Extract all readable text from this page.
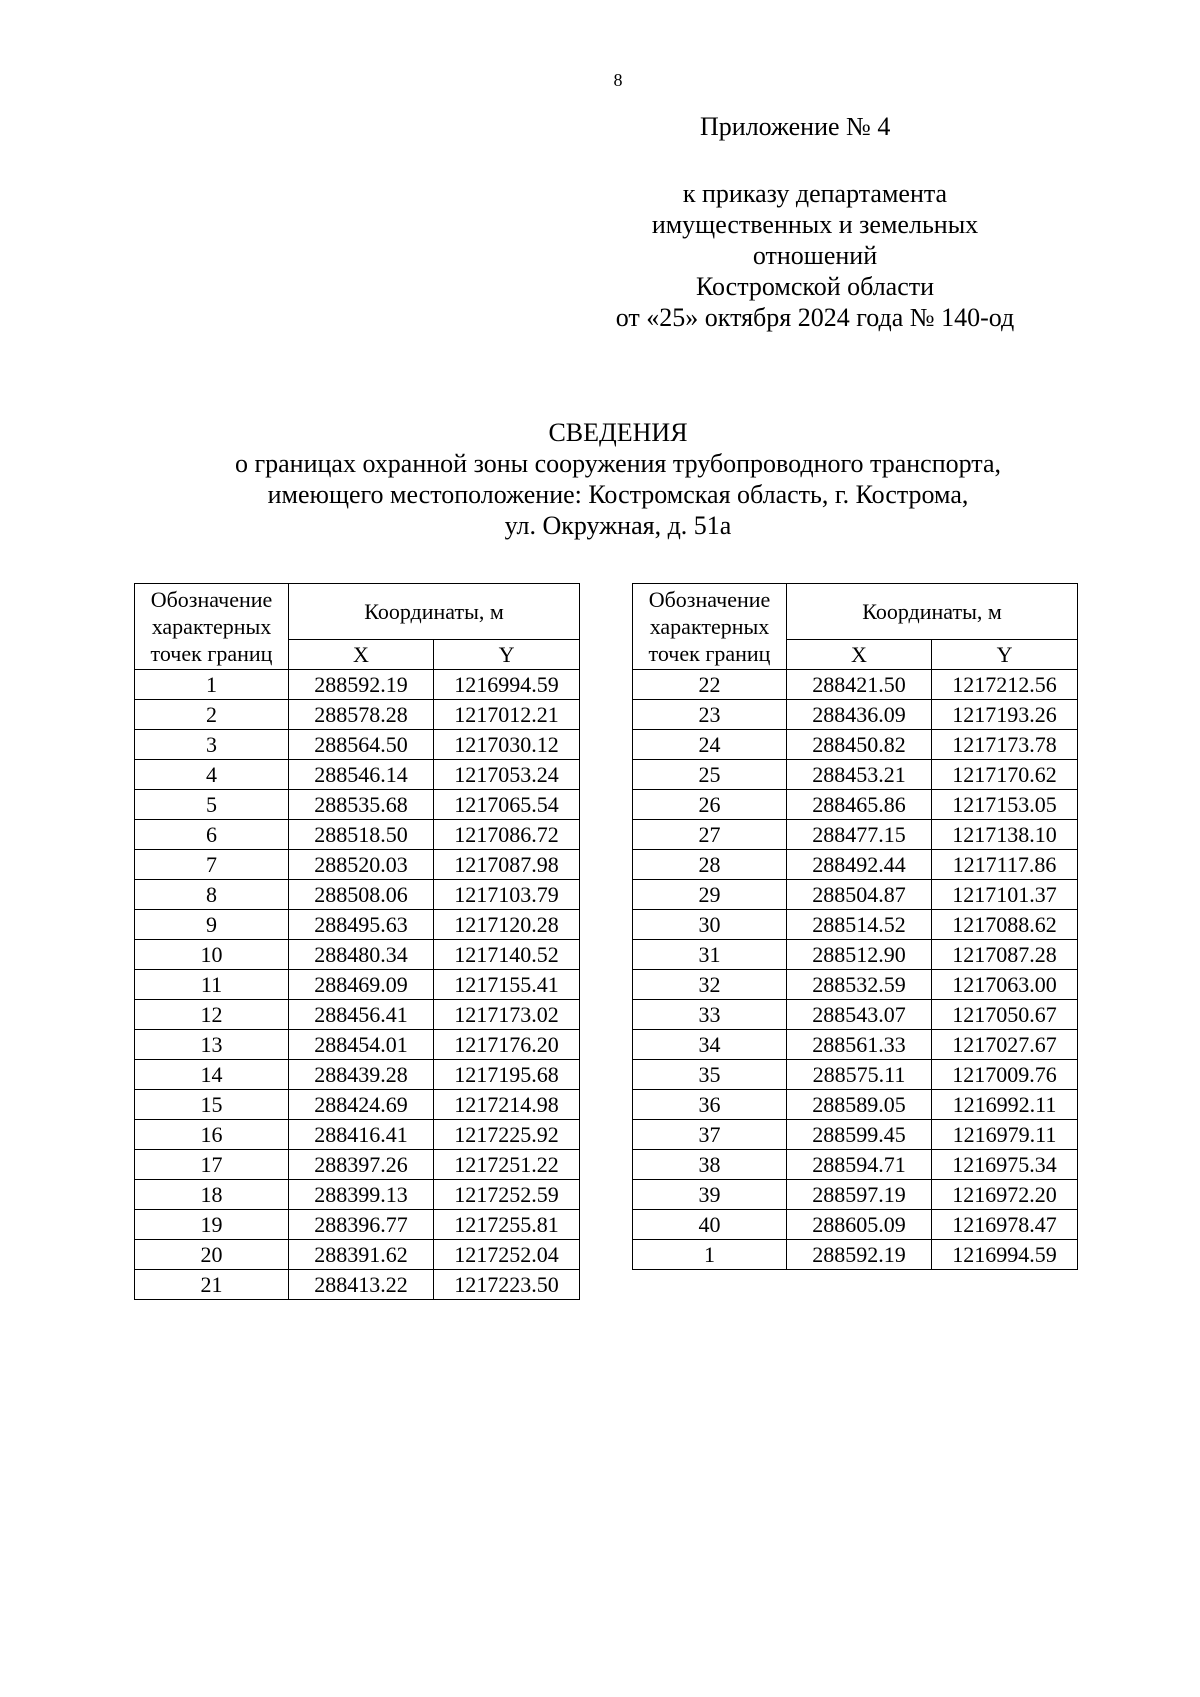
8
Приложение № 4
к приказу департамента
имущественных и земельных
отношений
Костромской области
от «25» октября 2024 года № 140-од
СВЕДЕНИЯ
о границах охранной зоны сооружения трубопроводного транспорта,
имеющего местоположение: Костромская область, г. Кострома,
ул. Окружная, д. 51а
Обозначение характерных точек границ	Координаты, м	
	X	Y
1	288592.19	1216994.59
2	288578.28	1217012.21
3	288564.50	1217030.12
4	288546.14	1217053.24
5	288535.68	1217065.54
6	288518.50	1217086.72
7	288520.03	1217087.98
8	288508.06	1217103.79
9	288495.63	1217120.28
10	288480.34	1217140.52
11	288469.09	1217155.41
12	288456.41	1217173.02
13	288454.01	1217176.20
14	288439.28	1217195.68
15	288424.69	1217214.98
16	288416.41	1217225.92
17	288397.26	1217251.22
18	288399.13	1217252.59
19	288396.77	1217255.81
20	288391.62	1217252.04
21	288413.22	1217223.50
Обозначение характерных точек границ	Координаты, м	
	X	Y
22	288421.50	1217212.56
23	288436.09	1217193.26
24	288450.82	1217173.78
25	288453.21	1217170.62
26	288465.86	1217153.05
27	288477.15	1217138.10
28	288492.44	1217117.86
29	288504.87	1217101.37
30	288514.52	1217088.62
31	288512.90	1217087.28
32	288532.59	1217063.00
33	288543.07	1217050.67
34	288561.33	1217027.67
35	288575.11	1217009.76
36	288589.05	1216992.11
37	288599.45	1216979.11
38	288594.71	1216975.34
39	288597.19	1216972.20
40	288605.09	1216978.47
1	288592.19	1216994.59
